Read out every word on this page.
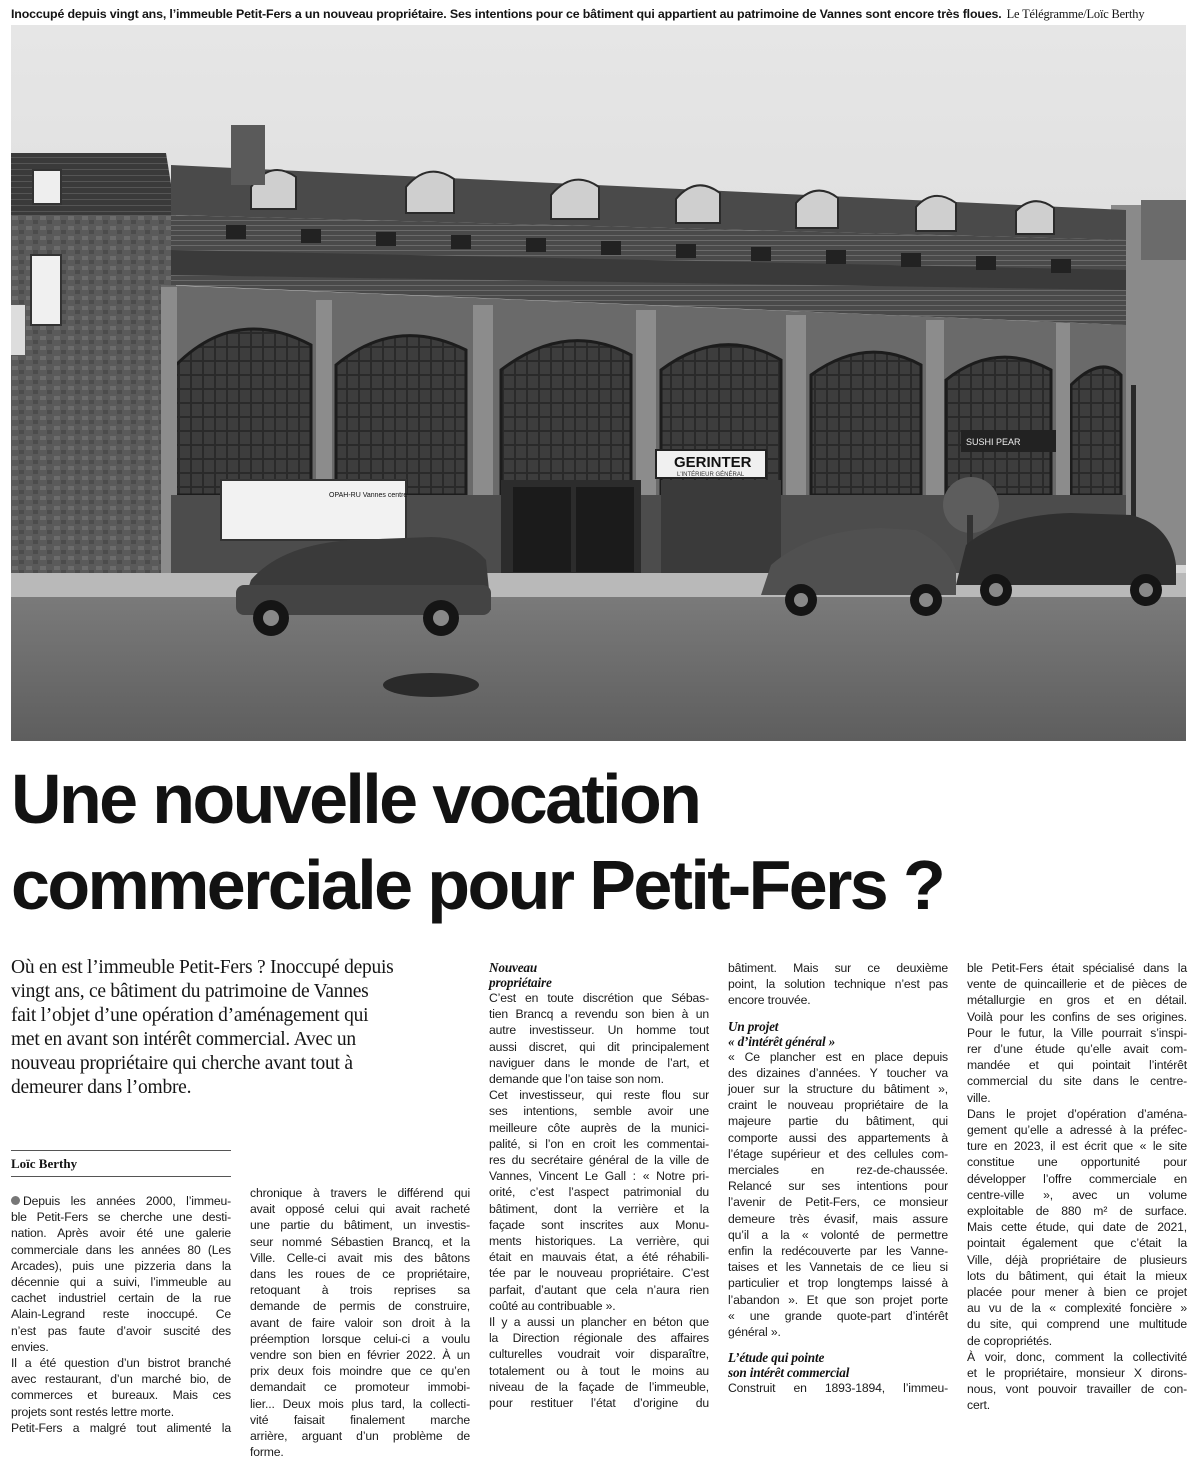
Inoccupé depuis vingt ans, l’immeuble Petit-Fers a un nouveau propriétaire. Ses intentions pour ce bâtiment qui appartient au patrimoine de Vannes sont encore très floues. Le Télégramme/Loïc Berthy
GERINTER
L'INTÉRIEUR GÉNÉRAL
OPAH-RU Vannes centre
SUSHI PEAR
Une nouvelle vocation
commerciale pour Petit-Fers ?
Où en est l’immeuble Petit-Fers ? Inoccupé depuis
vingt ans, ce bâtiment du patrimoine de Vannes
fait l’objet d’une opération d’aménagement qui
met en avant son intérêt commercial. Avec un
nouveau propriétaire qui cherche avant tout à
demeurer dans l’ombre.
Loïc Berthy
Depuis les années 2000, l’immeu-
ble Petit-Fers se cherche une desti-
nation. Après avoir été une galerie
commerciale dans les années 80 (Les
Arcades), puis une pizzeria dans la
décennie qui a suivi, l’immeuble au
cachet industriel certain de la rue
Alain-Legrand reste inoccupé. Ce
n’est pas faute d’avoir suscité des
envies.
Il a été question d’un bistrot branché
avec restaurant, d’un marché bio, de
commerces et bureaux. Mais ces
projets sont restés lettre morte.
Petit-Fers a malgré tout alimenté la
chronique à travers le différend qui
avait opposé celui qui avait racheté
une partie du bâtiment, un investis-
seur nommé Sébastien Brancq, et la
Ville. Celle-ci avait mis des bâtons
dans les roues de ce propriétaire,
retoquant à trois reprises sa
demande de permis de construire,
avant de faire valoir son droit à la
préemption lorsque celui-ci a voulu
vendre son bien en février 2022. À un
prix deux fois moindre que ce qu’en
demandait ce promoteur immobi-
lier... Deux mois plus tard, la collecti-
vité faisait finalement marche
arrière, arguant d’un problème de
forme.
Nouveau
propriétaire
C’est en toute discrétion que Sébas-
tien Brancq a revendu son bien à un
autre investisseur. Un homme tout
aussi discret, qui dit principalement
naviguer dans le monde de l’art, et
demande que l’on taise son nom.
Cet investisseur, qui reste flou sur
ses intentions, semble avoir une
meilleure côte auprès de la munici-
palité, si l’on en croit les commentai-
res du secrétaire général de la ville de
Vannes, Vincent Le Gall : « Notre pri-
orité, c’est l’aspect patrimonial du
bâtiment, dont la verrière et la
façade sont inscrites aux Monu-
ments historiques. La verrière, qui
était en mauvais état, a été réhabili-
tée par le nouveau propriétaire. C’est
parfait, d’autant que cela n’aura rien
coûté au contribuable ».
Il y a aussi un plancher en béton que
la Direction régionale des affaires
culturelles voudrait voir disparaître,
totalement ou à tout le moins au
niveau de la façade de l’immeuble,
pour restituer l’état d’origine du
bâtiment. Mais sur ce deuxième
point, la solution technique n’est pas
encore trouvée.
Un projet
« d’intérêt général »
« Ce plancher est en place depuis
des dizaines d’années. Y toucher va
jouer sur la structure du bâtiment »,
craint le nouveau propriétaire de la
majeure partie du bâtiment, qui
comporte aussi des appartements à
l’étage supérieur et des cellules com-
merciales en rez-de-chaussée.
Relancé sur ses intentions pour
l’avenir de Petit-Fers, ce monsieur
demeure très évasif, mais assure
qu’il a la « volonté de permettre
enfin la redécouverte par les Vanne-
taises et les Vannetais de ce lieu si
particulier et trop longtemps laissé à
l’abandon ». Et que son projet porte
« une grande quote-part d’intérêt
général ».
L’étude qui pointe
son intérêt commercial
Construit en 1893-1894, l’immeu-
ble Petit-Fers était spécialisé dans la
vente de quincaillerie et de pièces de
métallurgie en gros et en détail.
Voilà pour les confins de ses origines.
Pour le futur, la Ville pourrait s’inspi-
rer d’une étude qu’elle avait com-
mandée et qui pointait l’intérêt
commercial du site dans le centre-
ville.
Dans le projet d’opération d’aména-
gement qu’elle a adressé à la préfec-
ture en 2023, il est écrit que « le site
constitue une opportunité pour
développer l’offre commerciale en
centre-ville », avec un volume
exploitable de 880 m² de surface.
Mais cette étude, qui date de 2021,
pointait également que c’était la
Ville, déjà propriétaire de plusieurs
lots du bâtiment, qui était la mieux
placée pour mener à bien ce projet
au vu de la « complexité foncière »
du site, qui comprend une multitude
de copropriétés.
À voir, donc, comment la collectivité
et le propriétaire, monsieur X dirons-
nous, vont pouvoir travailler de con-
cert.
